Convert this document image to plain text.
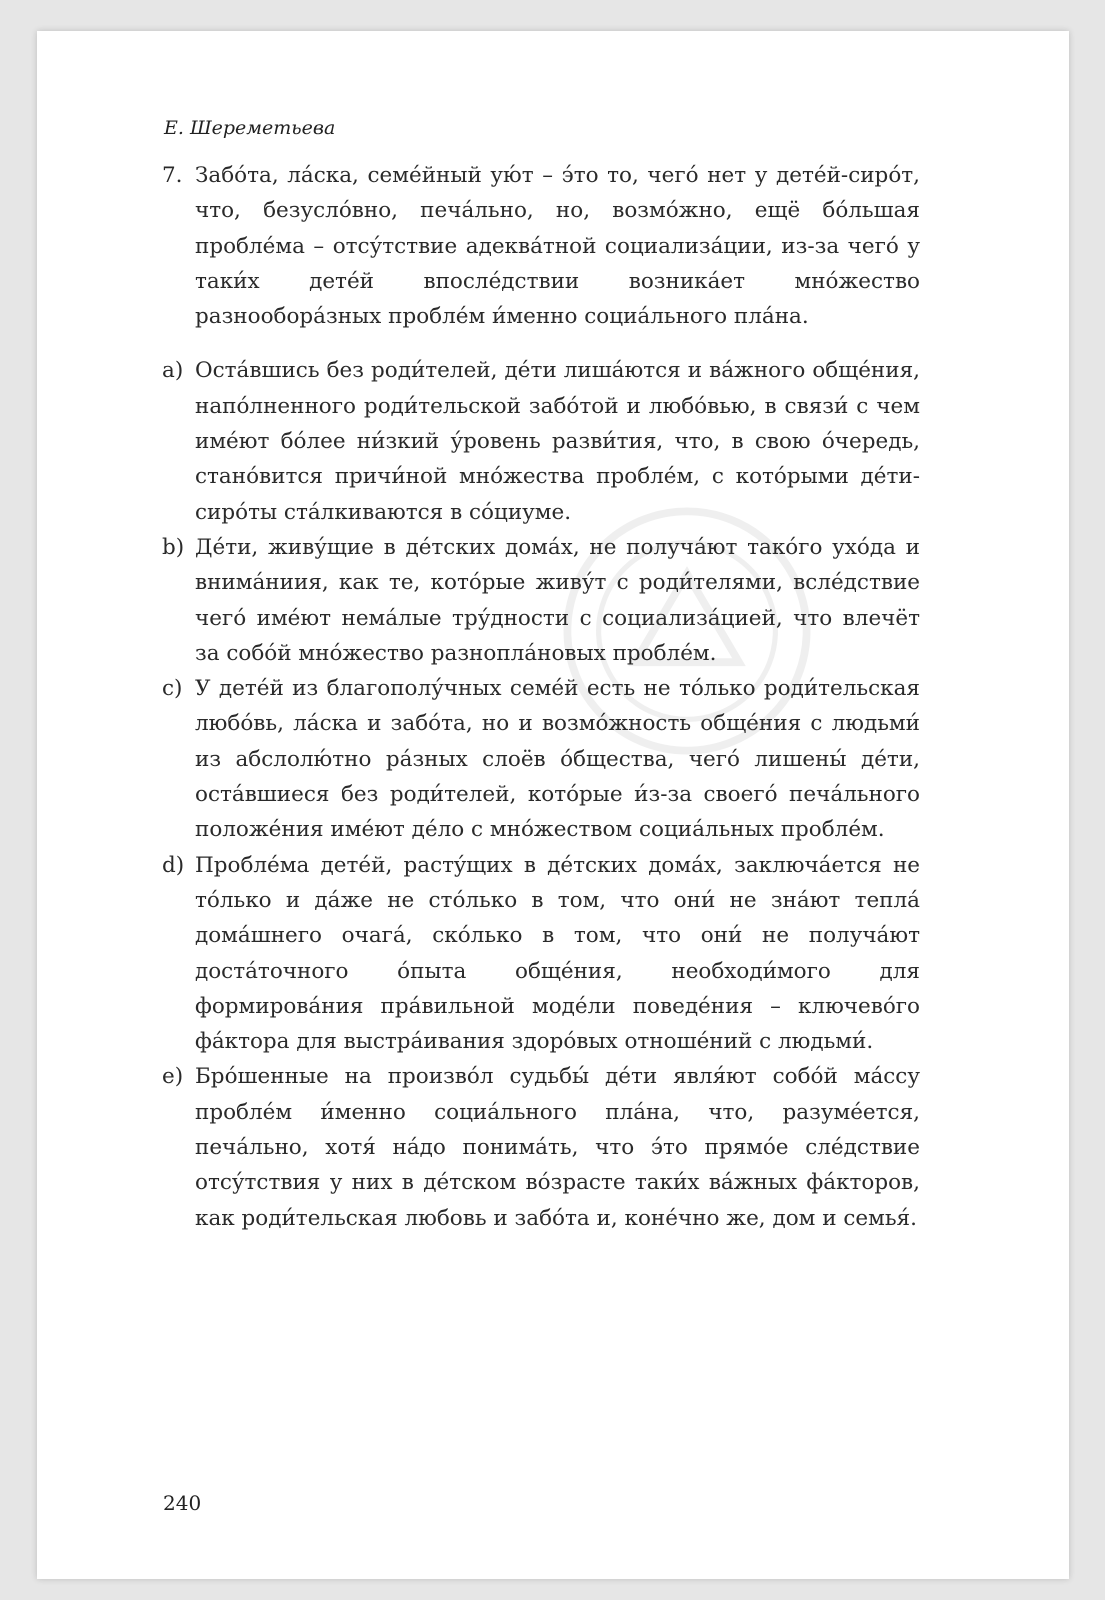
Е. Шереметьева
7. Забóта, лáска, семéйный ую́т – э́то то, чегó нет у детéй-сирóт, что, безуслóвно, печáльно, но, возмóжно, ещё бóльшая проблéма – отсу́тствие адеквáтной социализáции, из-за чегó у таки́х детéй впослéдствии возникáет мнóжество разнооборáзных проблéм и́менно социáльного плáна.
a) Остáвшись без роди́телей, дéти лишáются и вáжного общéния, напóлненного роди́тельской забóтой и любóвью, в связи́ с чем имéют бóлее ни́зкий у́ровень разви́тия, что, в свою óчередь, станóвится причи́ной мнóжества проблéм, с котóрыми дéти-сирóты стáлкиваются в сóциуме.
b) Дéти, живу́щие в дéтских домáх, не получáют такóго ухóда и внимáниия, как те, котóрые живу́т с роди́телями, вслéдствие чегó имéют немáлые тру́дности с социализáцией, что влечёт за собóй мнóжество разноплáновых проблéм.
c) У детéй из благополу́чных семéй есть не тóлько роди́тельская любóвь, лáска и забóта, но и возмóжность общéния с людьми́ из абслолю́тно рáзных слоёв óбщества, чегó лишены́ дéти, остáвшиеся без роди́телей, котóрые и́з-за своегó печáльного положéния имéют дéло с мнóжеством социáльных проблéм.
d) Проблéма детéй, растýщих в дéтских домáх, заключáется не тóлько и дáже не стóлько в том, что они́ не знáют теплá домáшнего очагá, скóлько в том, что они́ не получáют достáточного óпыта общéния, необходи́мого для формировáния прáвильной модéли поведéния – ключевóго фáктора для выстрáивания здорóвых отношéний с людьми́.
e) Брóшенные на произвóл судьбы́ дéти явля́ют собóй мáссу проблéм и́менно социáльного плáна, что, разумéется, печáльно, хотя́ нáдо понимáть, что э́то прямóе слéдствие отсу́тствия у них в дéтском вóзрасте таки́х вáжных фáкторов, как роди́тельская любовь и забóта и, конéчно же, дом и семья́.
240
